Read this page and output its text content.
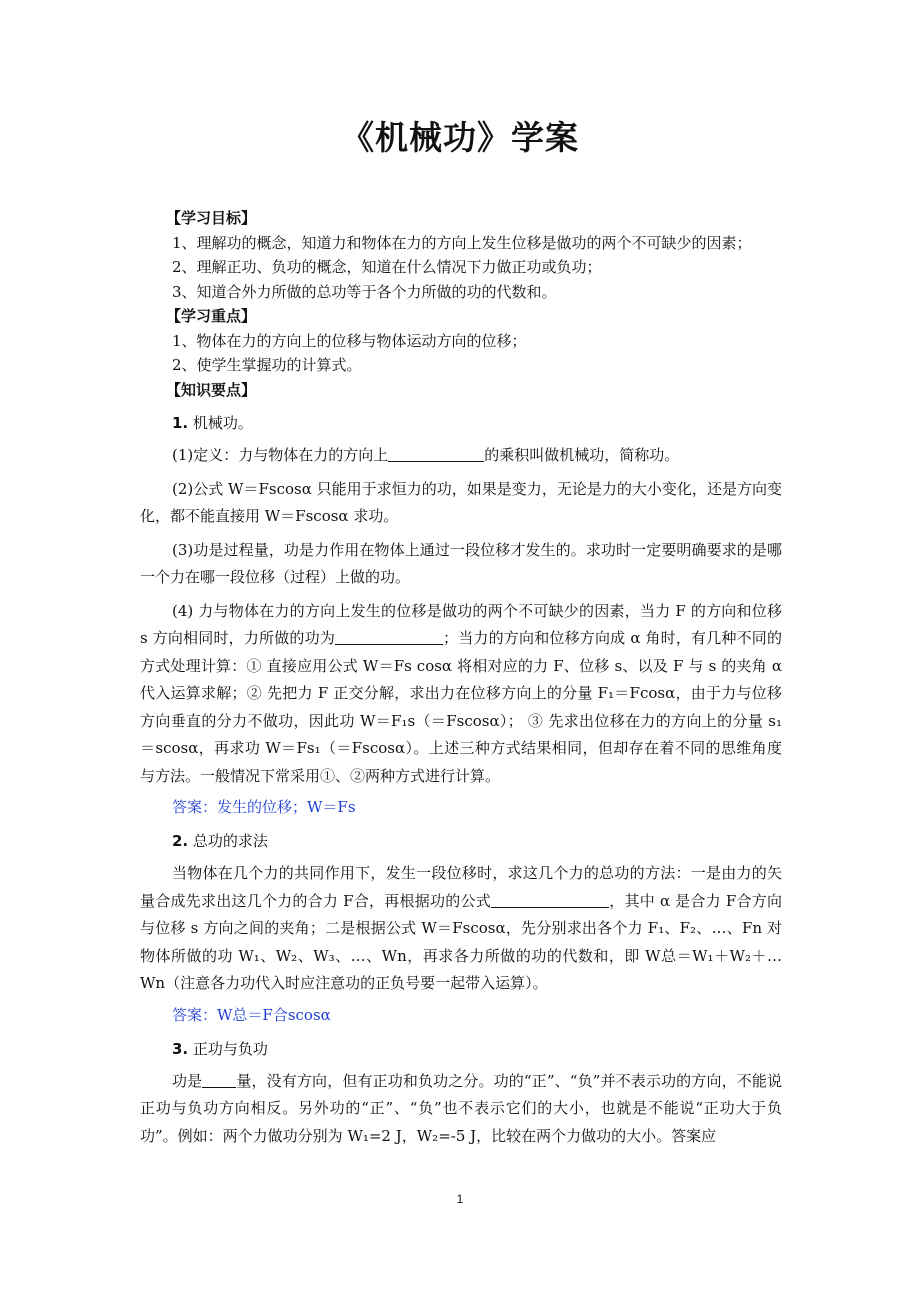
《机械功》学案
【学习目标】
1、理解功的概念，知道力和物体在力的方向上发生位移是做功的两个不可缺少的因素；
2、理解正功、负功的概念，知道在什么情况下力做正功或负功；
3、知道合外力所做的总功等于各个力所做的功的代数和。
【学习重点】
1、物体在力的方向上的位移与物体运动方向的位移；
2、使学生掌握功的计算式。
【知识要点】
1. 机械功。
(1)定义：力与物体在力的方向上	的乘积叫做机械功，简称功。
(2)公式 W＝Fscosα 只能用于求恒力的功，如果是变力，无论是力的大小变化，还是方向变化，都不能直接用 W＝Fscosα 求功。
(3)功是过程量，功是力作用在物体上通过一段位移才发生的。求功时一定要明确要求的是哪一个力在哪一段位移（过程）上做的功。
(4) 力与物体在力的方向上发生的位移是做功的两个不可缺少的因素，当力 F 的方向和位移 s 方向相同时，力所做的功为	；当力的方向和位移方向成 α 角时，有几种不同的方式处理计算：① 直接应用公式 W＝Fs cosα 将相对应的力 F、位移 s、以及 F 与 s 的夹角 α 代入运算求解；② 先把力 F 正交分解，求出力在位移方向上的分量 F₁＝Fcosα，由于力与位移方向垂直的分力不做功，因此功 W＝F₁s（＝Fscosα）； ③ 先求出位移在力的方向上的分量 s₁＝scosα，再求功 W＝Fs₁（＝Fscosα）。上述三种方式结果相同，但却存在着不同的思维角度与方法。一般情况下常采用①、②两种方式进行计算。
答案：发生的位移；W＝Fs
2. 总功的求法
当物体在几个力的共同作用下，发生一段位移时，求这几个力的总功的方法：一是由力的矢量合成先求出这几个力的合力 F合，再根据功的公式	，其中 α 是合力 F合方向与位移 s 方向之间的夹角；二是根据公式 W＝Fscosα，先分别求出各个力 F₁、F₂、…、Fn 对物体所做的功 W₁、W₂、W₃、…、Wn，再求各力所做的功的代数和，即 W总＝W₁＋W₂＋…Wn（注意各力功代入时应注意功的正负号要一起带入运算）。
答案：W总＝F合scosα
3. 正功与负功
功是 量，没有方向，但有正功和负功之分。功的“正”、“负”并不表示功的方向，不能说正功与负功方向相反。另外功的“正”、“负”也不表示它们的大小，也就是不能说“正功大于负功”。例如：两个力做功分别为 W₁=2 J，W₂=-5 J，比较在两个力做功的大小。答案应
1
